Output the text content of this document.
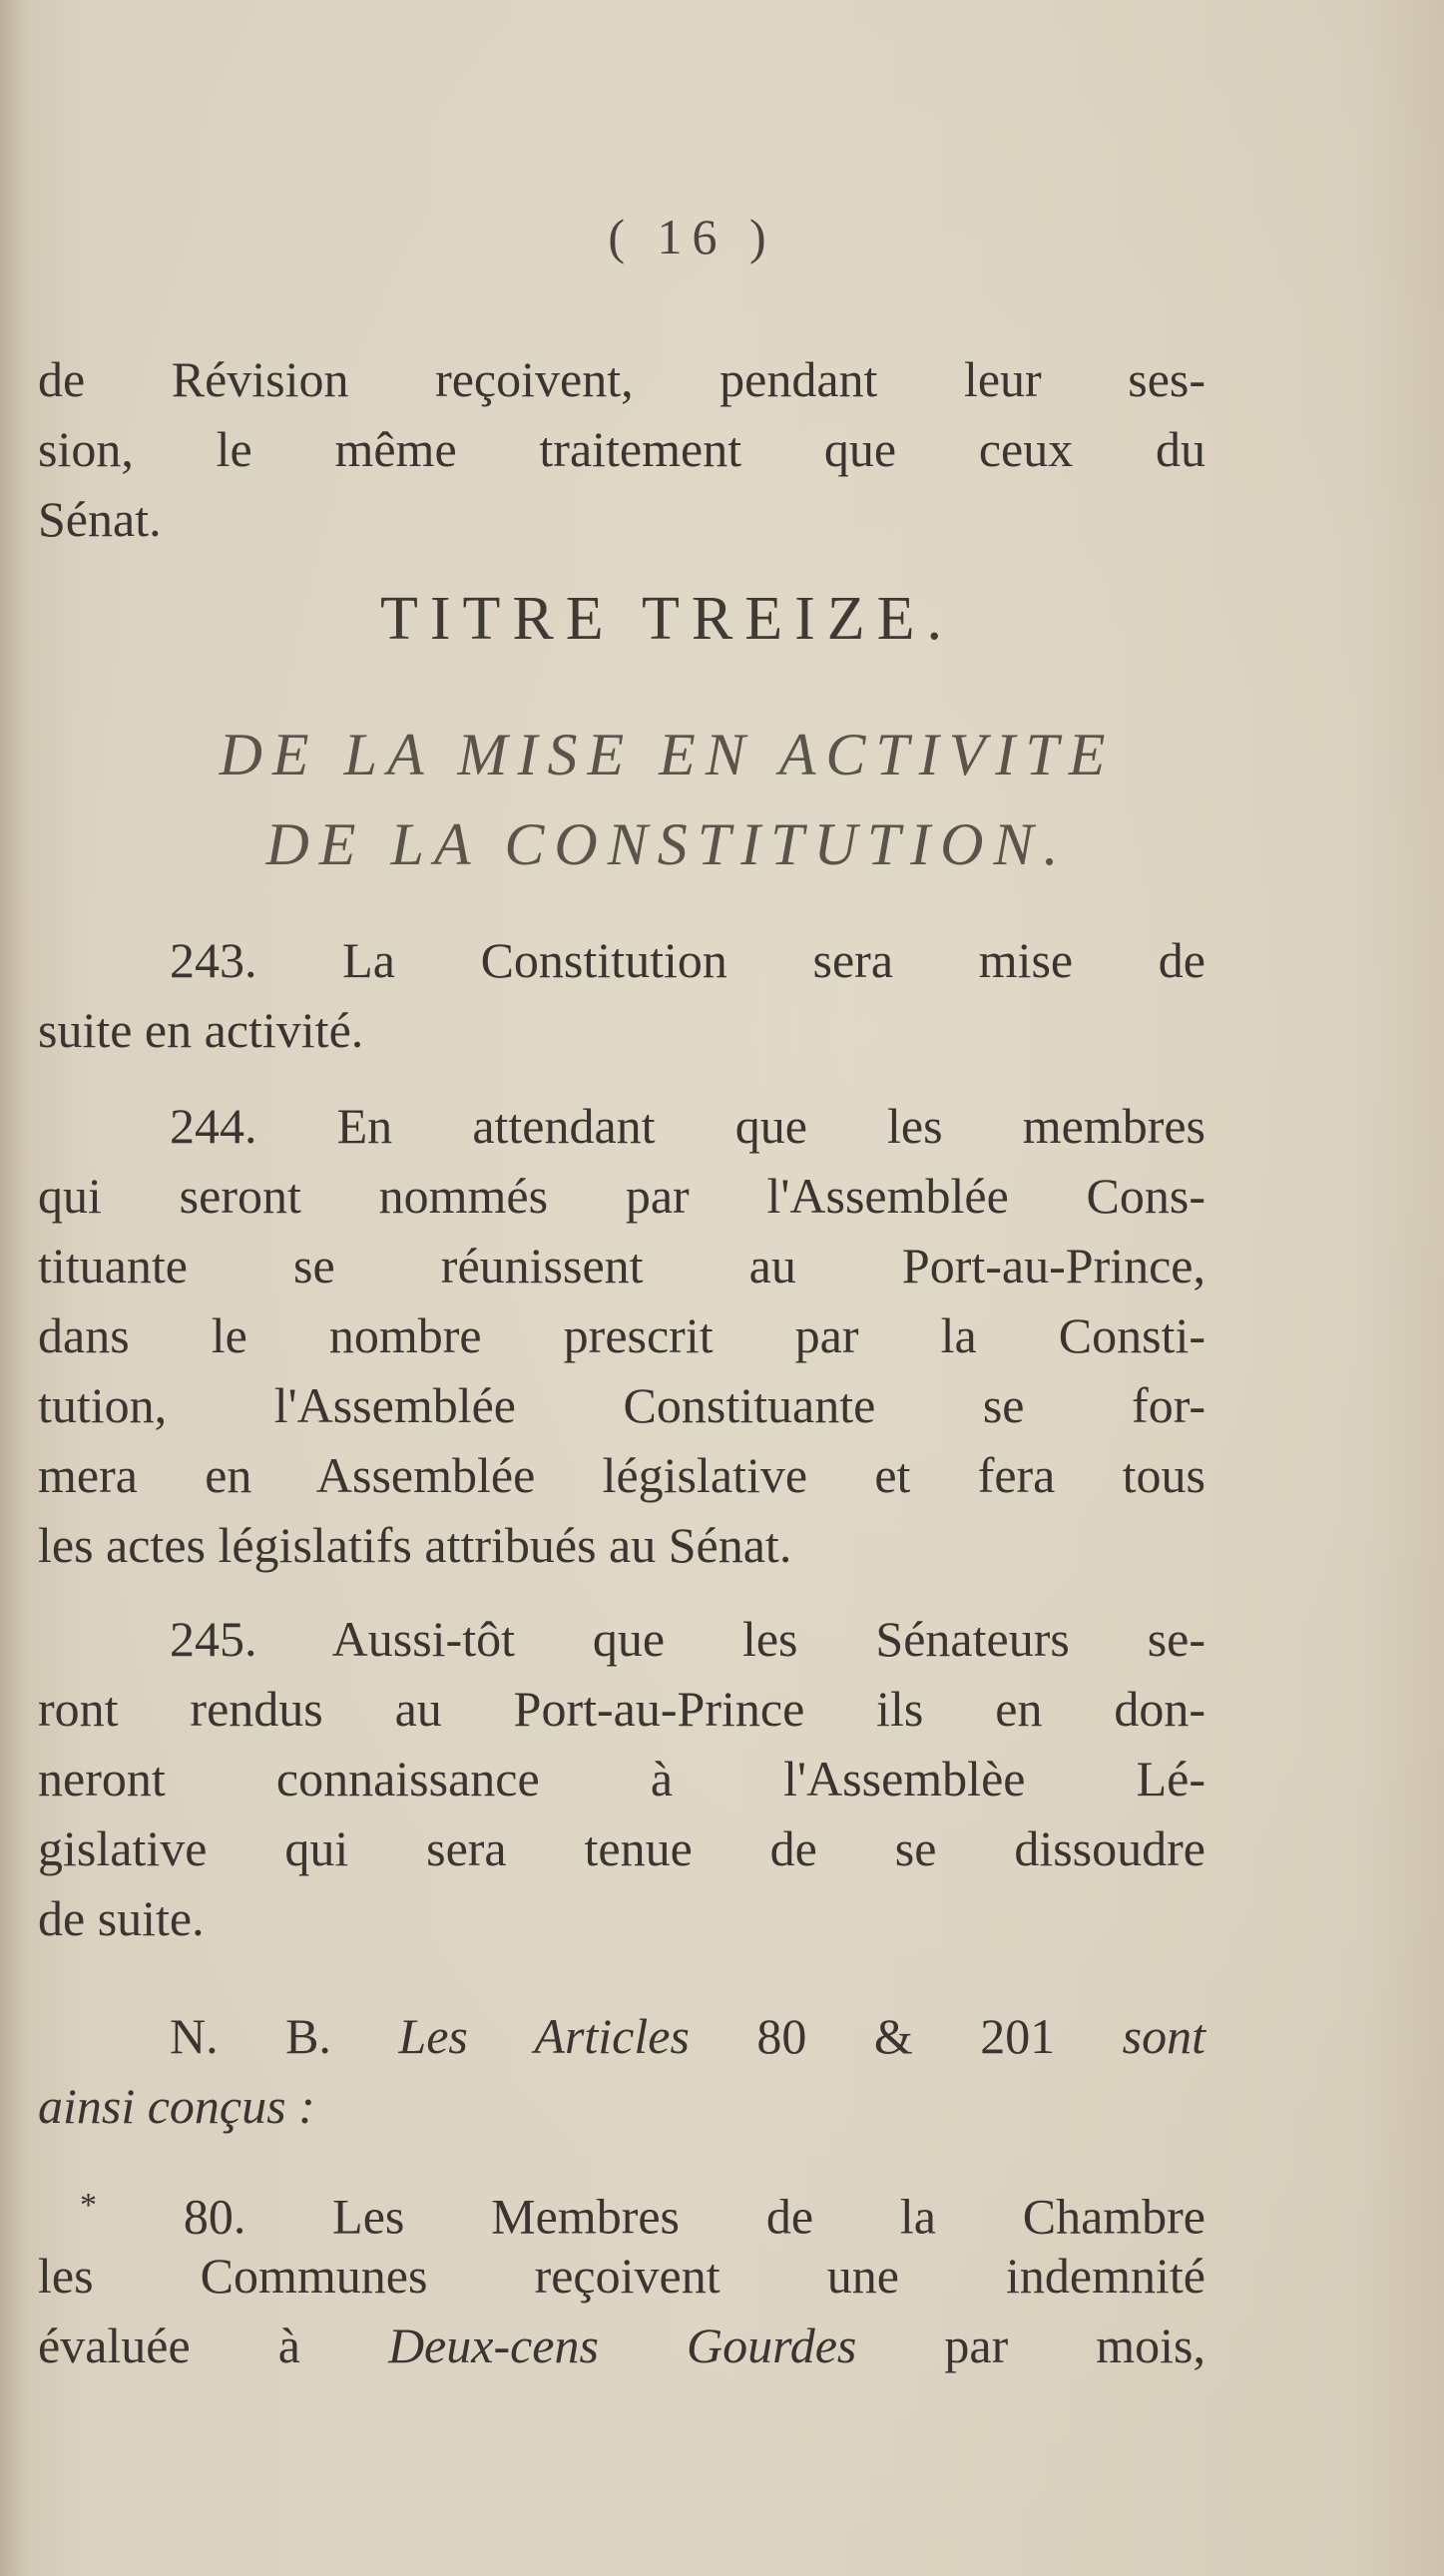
( 16 )
de Révision reçoivent, pendant leur ses-
sion, le même traitement que ceux du
Sénat.
TITRE TREIZE.
DE LA MISE EN ACTIVITE
DE LA CONSTITUTION.
243. La Constitution sera mise de
suite en activité.
244. En attendant que les membres
qui seront nommés par l'Assemblée Cons-
tituante se réunissent au Port-au-Prince,
dans le nombre prescrit par la Consti-
tution, l'Assemblée Constituante se for-
mera en Assemblée législative et fera tous
les actes législatifs attribués au Sénat.
245. Aussi-tôt que les Sénateurs se-
ront rendus au Port-au-Prince ils en don-
neront connaissance à l'Assemblèe Lé-
gislative qui sera tenue de se dissoudre
de suite.
N. B. Les Articles 80 & 201 sont
ainsi conçus :
* 80. Les Membres de la Chambre
les Communes reçoivent une indemnité
évaluée à Deux-cens Gourdes par mois,
